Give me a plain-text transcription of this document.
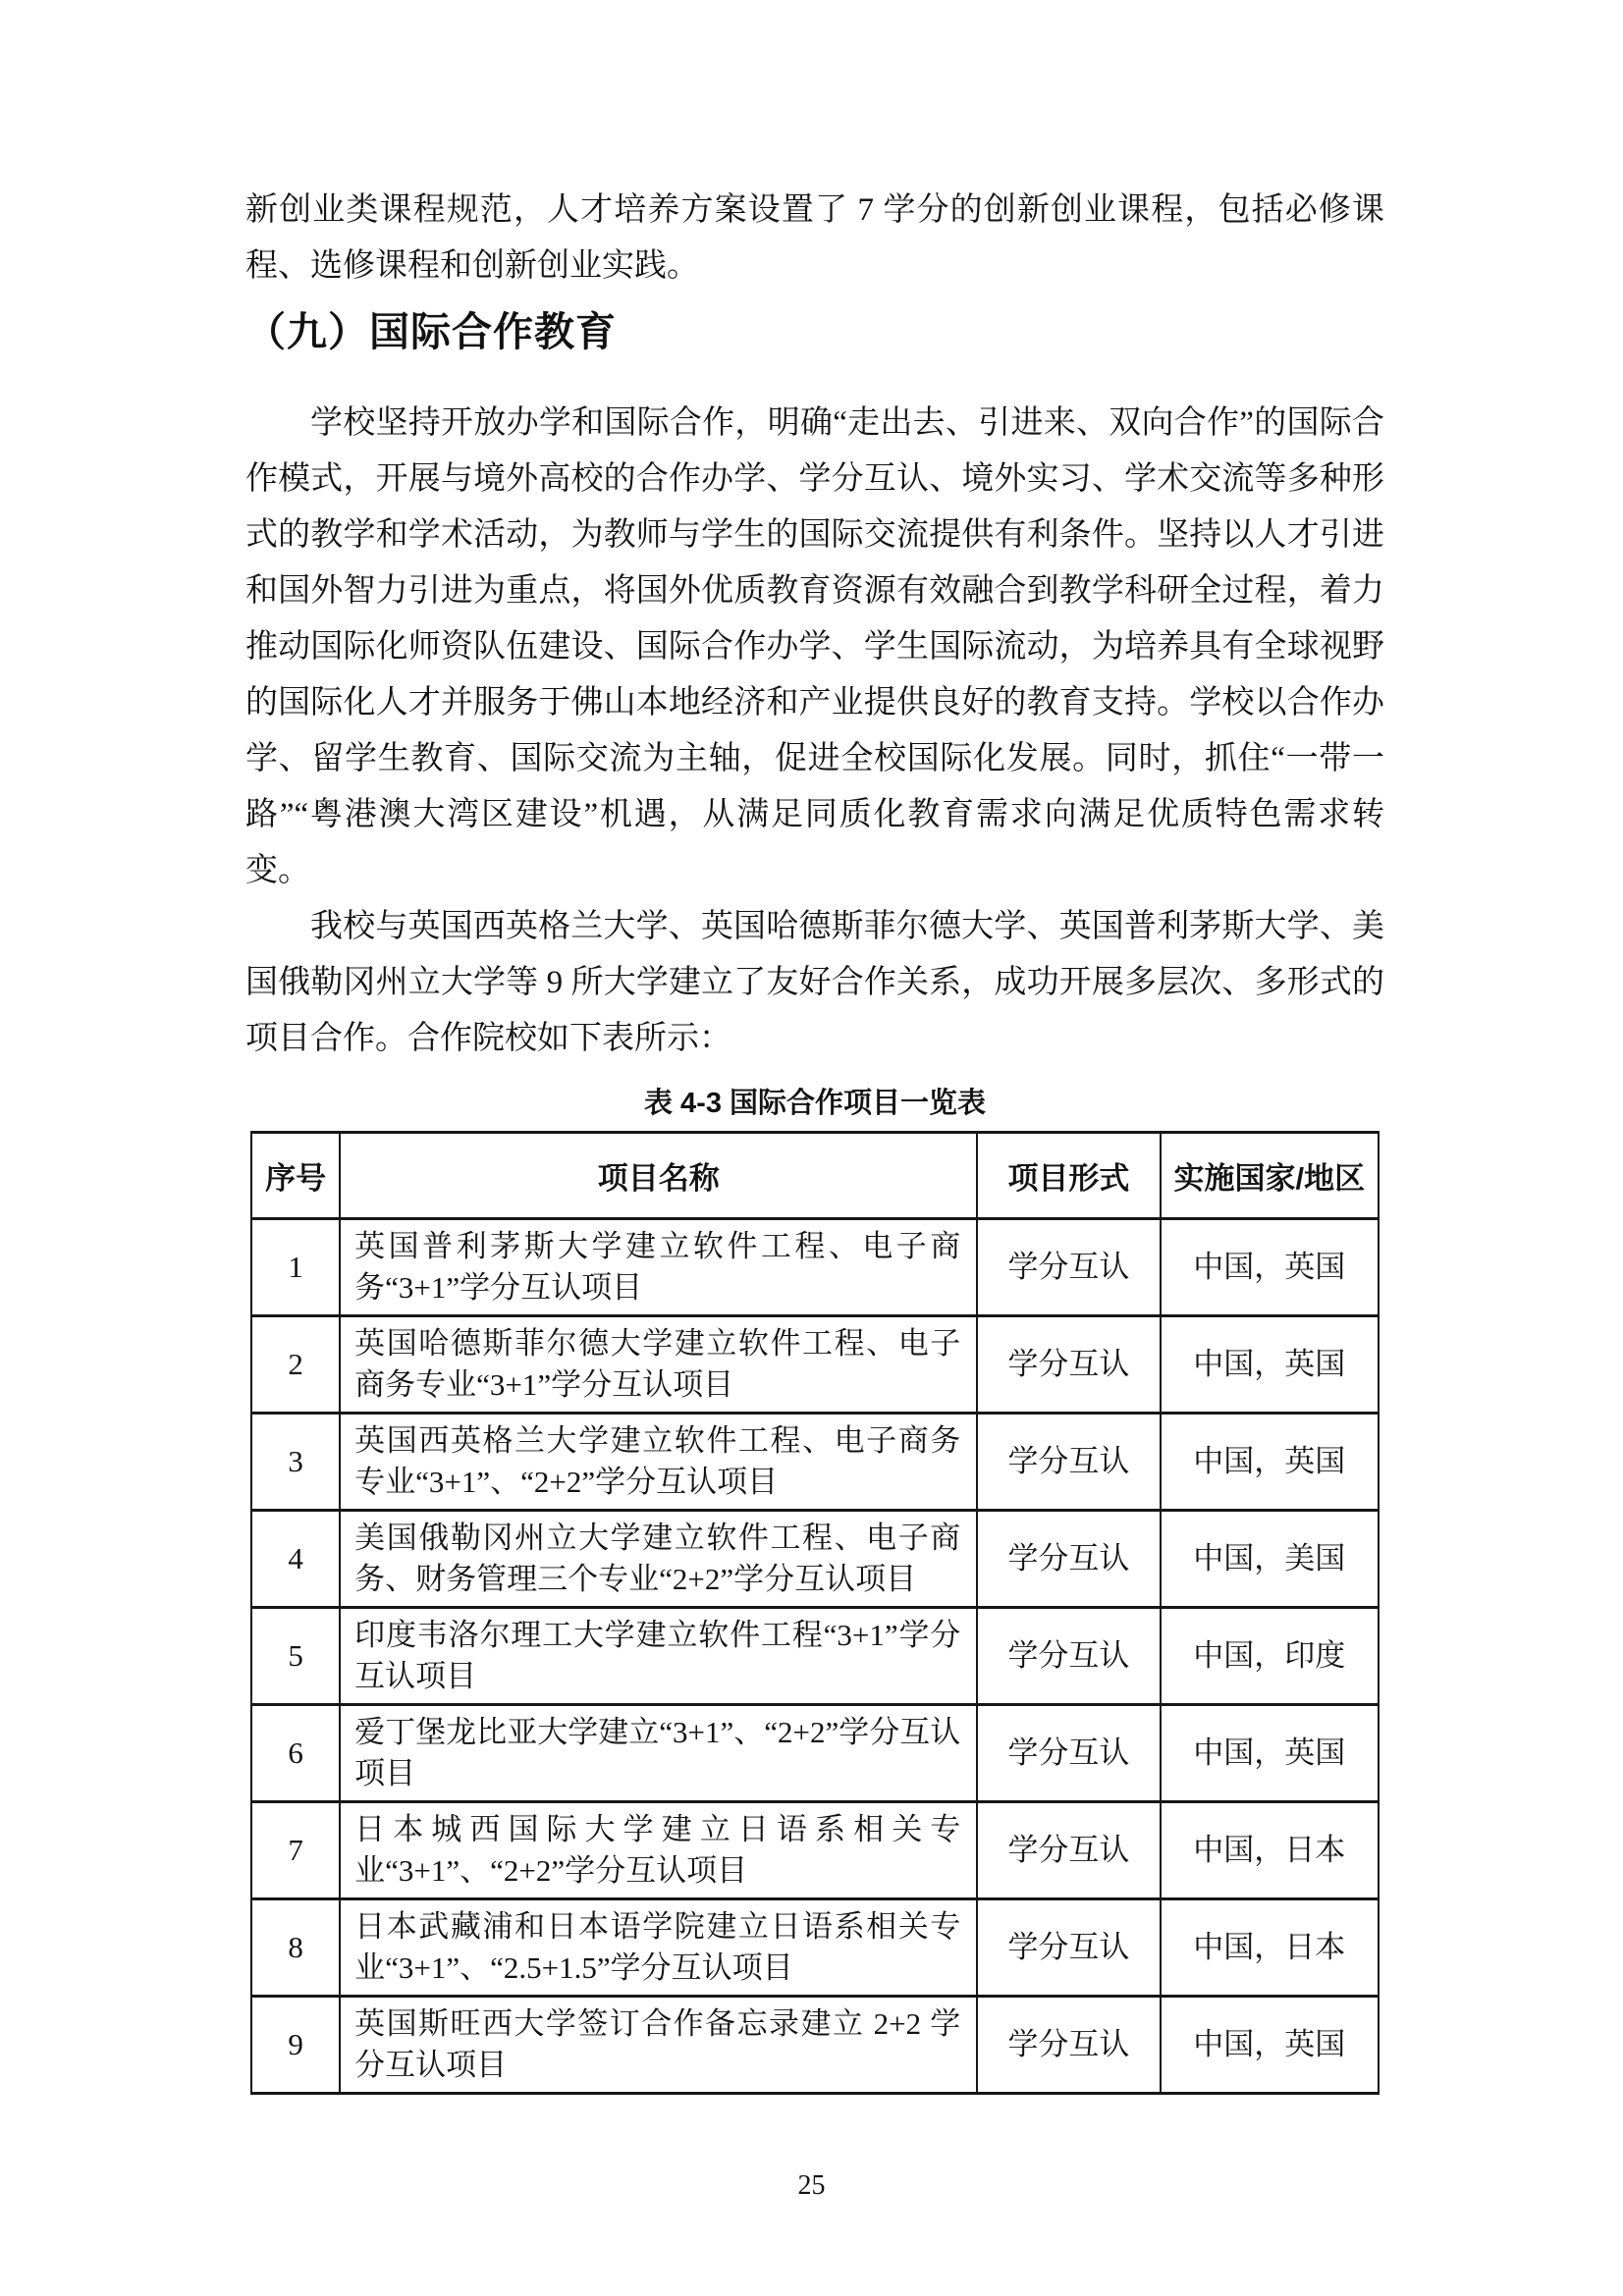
新创业类课程规范，人才培养方案设置了 7 学分的创新创业课程，包括必修课程、选修课程和创新创业实践。

（九）国际合作教育

学校坚持开放办学和国际合作，明确“走出去、引进来、双向合作”的国际合作模式，开展与境外高校的合作办学、学分互认、境外实习、学术交流等多种形式的教学和学术活动，为教师与学生的国际交流提供有利条件。坚持以人才引进和国外智力引进为重点，将国外优质教育资源有效融合到教学科研全过程，着力推动国际化师资队伍建设、国际合作办学、学生国际流动，为培养具有全球视野的国际化人才并服务于佛山本地经济和产业提供良好的教育支持。学校以合作办学、留学生教育、国际交流为主轴，促进全校国际化发展。同时，抓住“一带一路”“粤港澳大湾区建设”机遇，从满足同质化教育需求向满足优质特色需求转变。

我校与英国西英格兰大学、英国哈德斯菲尔德大学、英国普利茅斯大学、美国俄勒冈州立大学等 9 所大学建立了友好合作关系，成功开展多层次、多形式的项目合作。合作院校如下表所示：

表 4-3 国际合作项目一览表
序号	项目名称	项目形式	实施国家/地区
1	英国普利茅斯大学建立软件工程、电子商务“3+1”学分互认项目	学分互认	中国，英国
2	英国哈德斯菲尔德大学建立软件工程、电子商务专业“3+1”学分互认项目	学分互认	中国，英国
3	英国西英格兰大学建立软件工程、电子商务专业“3+1”、“2+2”学分互认项目	学分互认	中国，英国
4	美国俄勒冈州立大学建立软件工程、电子商务、财务管理三个专业“2+2”学分互认项目	学分互认	中国，美国
5	印度韦洛尔理工大学建立软件工程“3+1”学分互认项目	学分互认	中国，印度
6	爱丁堡龙比亚大学建立“3+1”、“2+2”学分互认项目	学分互认	中国，英国
7	日本城西国际大学建立日语系相关专业“3+1”、“2+2”学分互认项目	学分互认	中国，日本
8	日本武藏浦和日本语学院建立日语系相关专业“3+1”、“2.5+1.5”学分互认项目	学分互认	中国，日本
9	英国斯旺西大学签订合作备忘录建立 2+2 学分互认项目	学分互认	中国，英国
25
